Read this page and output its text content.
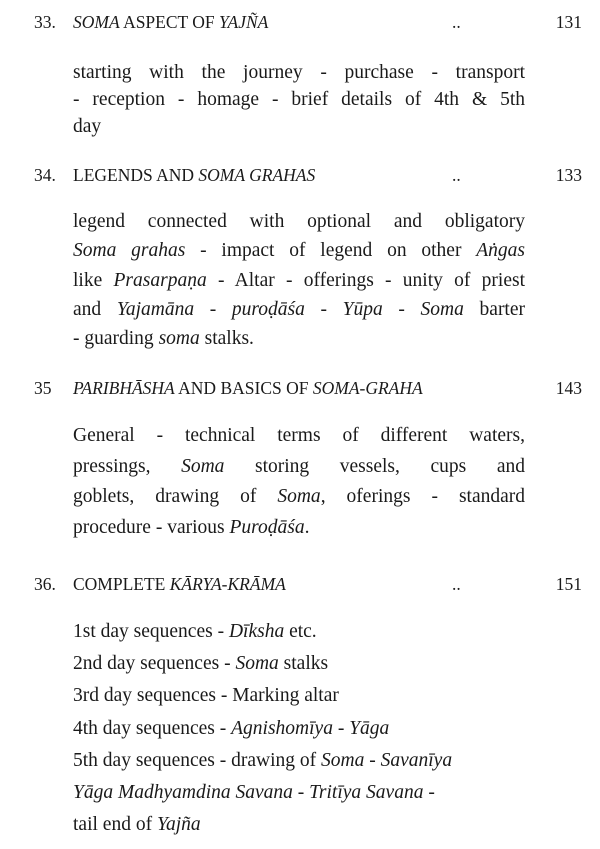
33. SOMA ASPECT OF YAJÑA	..	131
starting with the journey - purchase - transport
- reception - homage - brief details of 4th & 5th
day
34. LEGENDS AND SOMA GRAHAS	..	133
legend connected with optional and obligatory
Soma grahas - impact of legend on other Aṅgas
like Prasarpaṇa - Altar - offerings - unity of priest
and Yajamāna - puroḍāśa - Yūpa - Soma barter
- guarding soma stalks.
35 PARIBHĀSHA AND BASICS OF SOMA-GRAHA	143
General - technical terms of different waters,
pressings, Soma storing vessels, cups and
goblets, drawing of Soma, oferings - standard
procedure - various Puroḍāśa.
36. COMPLETE KĀRYA-KRĀMA	..	151
1st day sequences - Dīksha etc.
2nd day sequences - Soma stalks
3rd day sequences - Marking altar
4th day sequences - Agnishomīya - Yāga
5th day sequences - drawing of Soma - Savanīya
Yāga Madhyamdina Savana - Tritīya Savana -
tail end of Yajña
